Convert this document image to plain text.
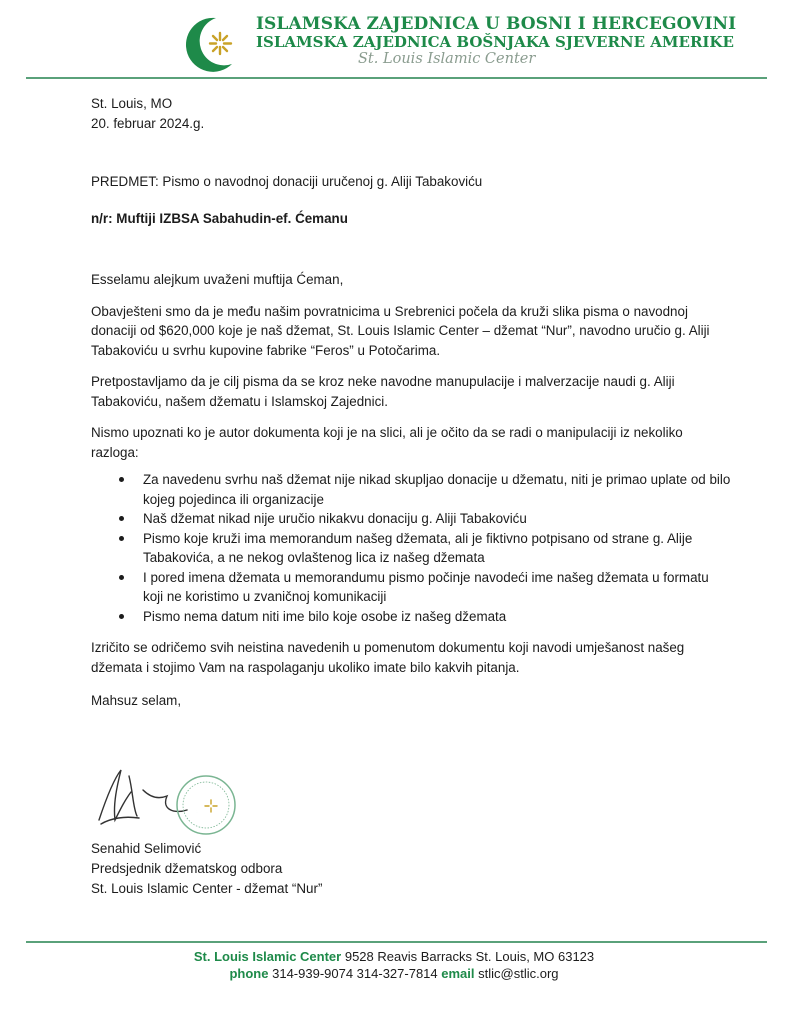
ISLAMSKA ZAJEDNICA U BOSNI I HERCEGOVINI
ISLAMSKA ZAJEDNICA BOŠNJAKA SJEVERNE AMERIKE
St. Louis Islamic Center

St. Louis, MO

20. februar 2024.g.

PREDMET: Pismo o navodnoj donaciji uručenoj g. Aliji Tabakoviću

n/r: Muftiji IZBSA Sabahudin-ef. Ćemanu

Esselamu alejkum uvaženi muftija Ćeman,

Obavješteni smo da je među našim povratnicima u Srebrenici počela da kruži slika pisma o navodnoj donaciji od $620,000 koje je naš džemat, St. Louis Islamic Center – džemat “Nur”, navodno uručio g. Aliji Tabakoviću u svrhu kupovine fabrike “Feros” u Potočarima.

Pretpostavljamo da je cilj pisma da se kroz neke navodne manupulacije i malverzacije naudi g. Aliji Tabakoviću, našem džematu i Islamskoj Zajednici.

Nismo upoznati ko je autor dokumenta koji je na slici, ali je očito da se radi o manipulaciji iz nekoliko razloga:

Za navedenu svrhu naš džemat nije nikad skupljao donacije u džematu, niti je primao uplate od bilo kojeg pojedinca ili organizacije
Naš džemat nikad nije uručio nikakvu donaciju g. Aliji Tabakoviću
Pismo koje kruži ima memorandum našeg džemata, ali je fiktivno potpisano od strane g. Alije Tabakovića, a ne nekog ovlaštenog lica iz našeg džemata
I pored imena džemata u memorandumu pismo počinje navodeći ime našeg džemata u formatu koji ne koristimo u zvaničnoj komunikaciji
Pismo nema datum niti ime bilo koje osobe iz našeg džemata

Izričito se odričemo svih neistina navedenih u pomenutom dokumentu koji navodi umješanost našeg džemata i stojimo Vam na raspolaganju ukoliko imate bilo kakvih pitanja.

Mahsuz selam,

Senahid Selimović
Predsjednik džematskog odbora
St. Louis Islamic Center - džemat “Nur”
St. Louis Islamic Center 9528 Reavis Barracks St. Louis, MO 63123
phone 314-939-9074 314-327-7814 email stlic@stlic.org
